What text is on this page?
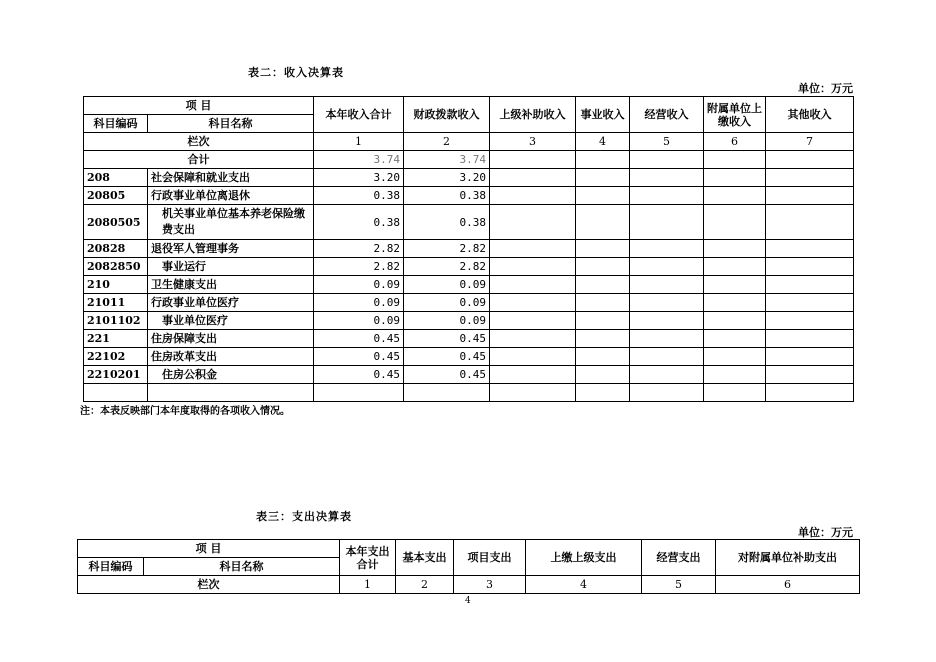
表二：收入决算表
单位：万元
项 目		本年收入合计	财政拨款收入	上级补助收入	事业收入	经营收入	附属单位上缴收入	其他收入
科目编码	科目名称							
栏次		1	2	3	4	5	6	7
合计		3.74	3.74					
208	社会保障和就业支出	3.20	3.20					
20805	行政事业单位离退休	0.38	0.38					
2080505	机关事业单位基本养老保险缴费支出	0.38	0.38					
20828	退役军人管理事务	2.82	2.82					
2082850	事业运行	2.82	2.82					
210	卫生健康支出	0.09	0.09					
21011	行政事业单位医疗	0.09	0.09					
2101102	事业单位医疗	0.09	0.09					
221	住房保障支出	0.45	0.45					
22102	住房改革支出	0.45	0.45					
2210201	住房公积金	0.45	0.45					

注：本表反映部门本年度取得的各项收入情况。
表三：支出决算表
单位：万元
项 目		本年支出合计	基本支出	项目支出	上缴上级支出	经营支出	对附属单位补助支出
科目编码	科目名称						
栏次		1	2	3	4	5	6
4
